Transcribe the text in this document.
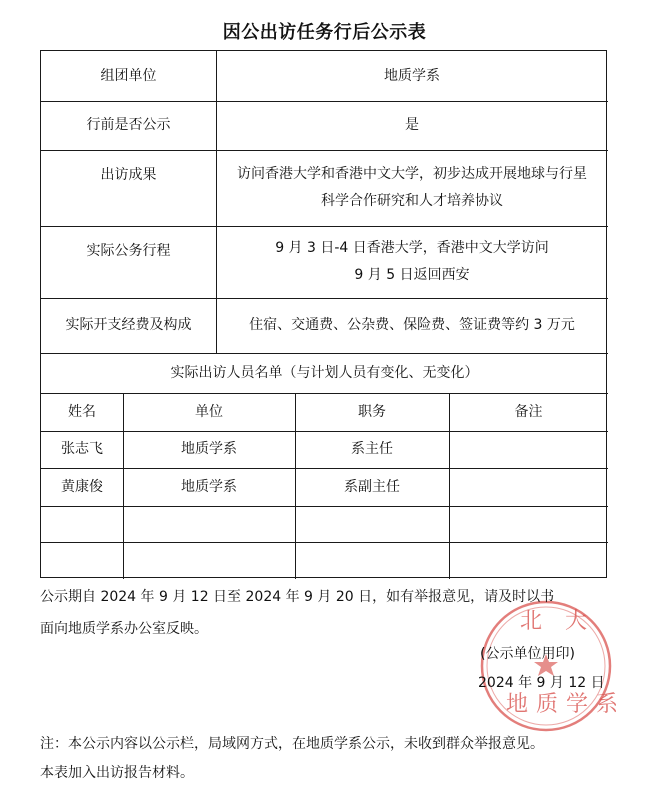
因公出访任务行后公示表
组团单位	地质学系
行前是否公示	是
出访成果	访问香港大学和香港中文大学，初步达成开展地球与行星
科学合作研究和人才培养协议
实际公务行程	9 月 3 日-4 日香港大学，香港中文大学访问
9 月 5 日返回西安
实际开支经费及构成	住宿、交通费、公杂费、保险费、签证费等约 3 万元
实际出访人员名单（与计划人员有变化、无变化）
姓名	单位	职务	备注
张志飞	地质学系	系主任
黄康俊	地质学系	系副主任
北 大
公示期自 2024 年 9 月 12 日至 2024 年 9 月 20 日，如有举报意见，请及时以书
面向地质学系办公室反映。
(公示单位用印)
2024 年 9 月 12 日
地质学系
注：本公示内容以公示栏，局域网方式，在地质学系公示，未收到群众举报意见。
本表加入出访报告材料。
